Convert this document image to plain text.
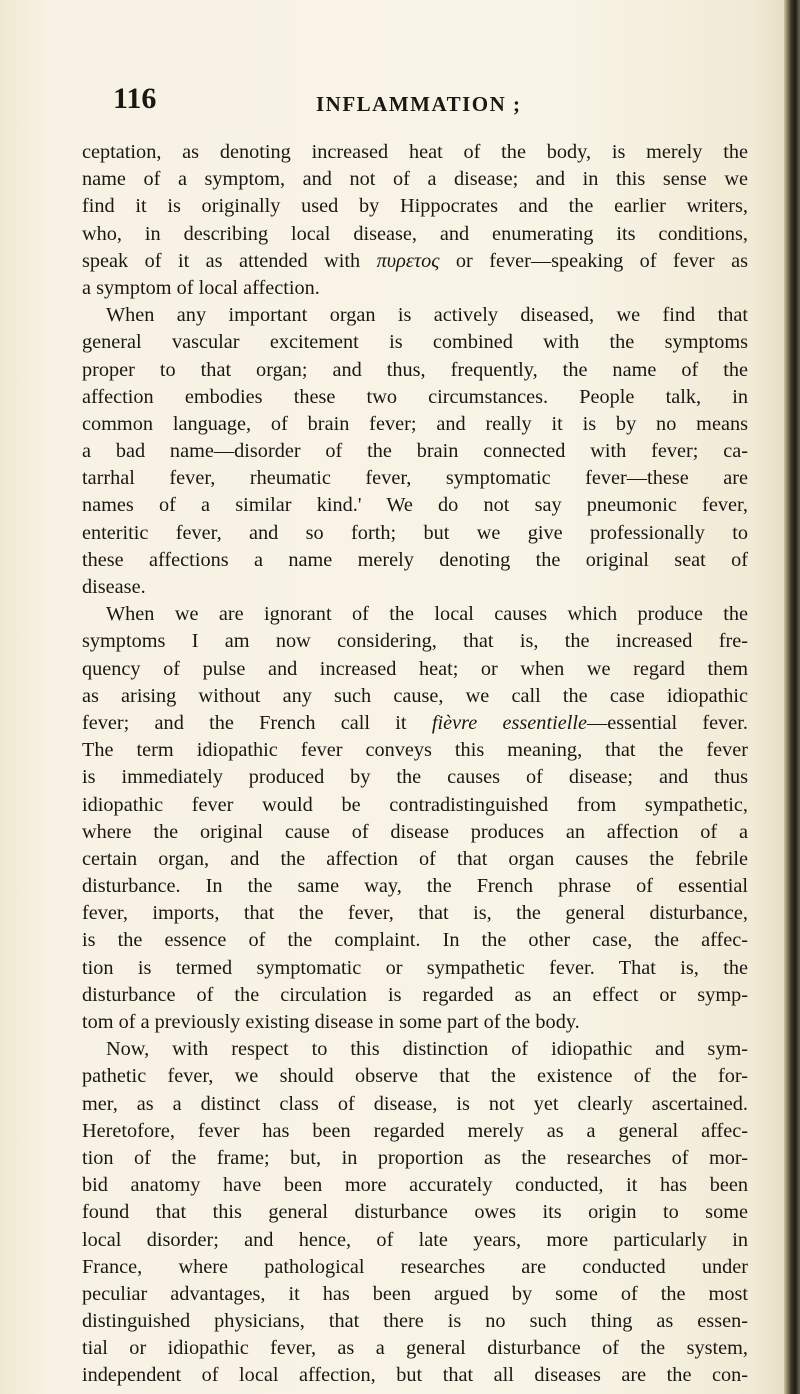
116	INFLAMMATION ;
ceptation, as denoting increased heat of the body, is merely the
name of a symptom, and not of a disease; and in this sense we
find it is originally used by Hippocrates and the earlier writers,
who, in describing local disease, and enumerating its conditions,
speak of it as attended with πυρετος or fever—speaking of fever as
a symptom of local affection.
When any important organ is actively diseased, we find that
general vascular excitement is combined with the symptoms
proper to that organ; and thus, frequently, the name of the
affection embodies these two circumstances. People talk, in
common language, of brain fever; and really it is by no means
a bad name—disorder of the brain connected with fever; ca-
tarrhal fever, rheumatic fever, symptomatic fever—these are
names of a similar kind.' We do not say pneumonic fever,
enteritic fever, and so forth; but we give professionally to
these affections a name merely denoting the original seat of
disease.
When we are ignorant of the local causes which produce the
symptoms I am now considering, that is, the increased fre-
quency of pulse and increased heat; or when we regard them
as arising without any such cause, we call the case idiopathic
fever; and the French call it fièvre essentielle—essential fever.
The term idiopathic fever conveys this meaning, that the fever
is immediately produced by the causes of disease; and thus
idiopathic fever would be contradistinguished from sympathetic,
where the original cause of disease produces an affection of a
certain organ, and the affection of that organ causes the febrile
disturbance. In the same way, the French phrase of essential
fever, imports, that the fever, that is, the general disturbance,
is the essence of the complaint. In the other case, the affec-
tion is termed symptomatic or sympathetic fever. That is, the
disturbance of the circulation is regarded as an effect or symp-
tom of a previously existing disease in some part of the body.
Now, with respect to this distinction of idiopathic and sym-
pathetic fever, we should observe that the existence of the for-
mer, as a distinct class of disease, is not yet clearly ascertained.
Heretofore, fever has been regarded merely as a general affec-
tion of the frame; but, in proportion as the researches of mor-
bid anatomy have been more accurately conducted, it has been
found that this general disturbance owes its origin to some
local disorder; and hence, of late years, more particularly in
France, where pathological researches are conducted under
peculiar advantages, it has been argued by some of the most
distinguished physicians, that there is no such thing as essen-
tial or idiopathic fever, as a general disturbance of the system,
independent of local affection, but that all diseases are the con-
